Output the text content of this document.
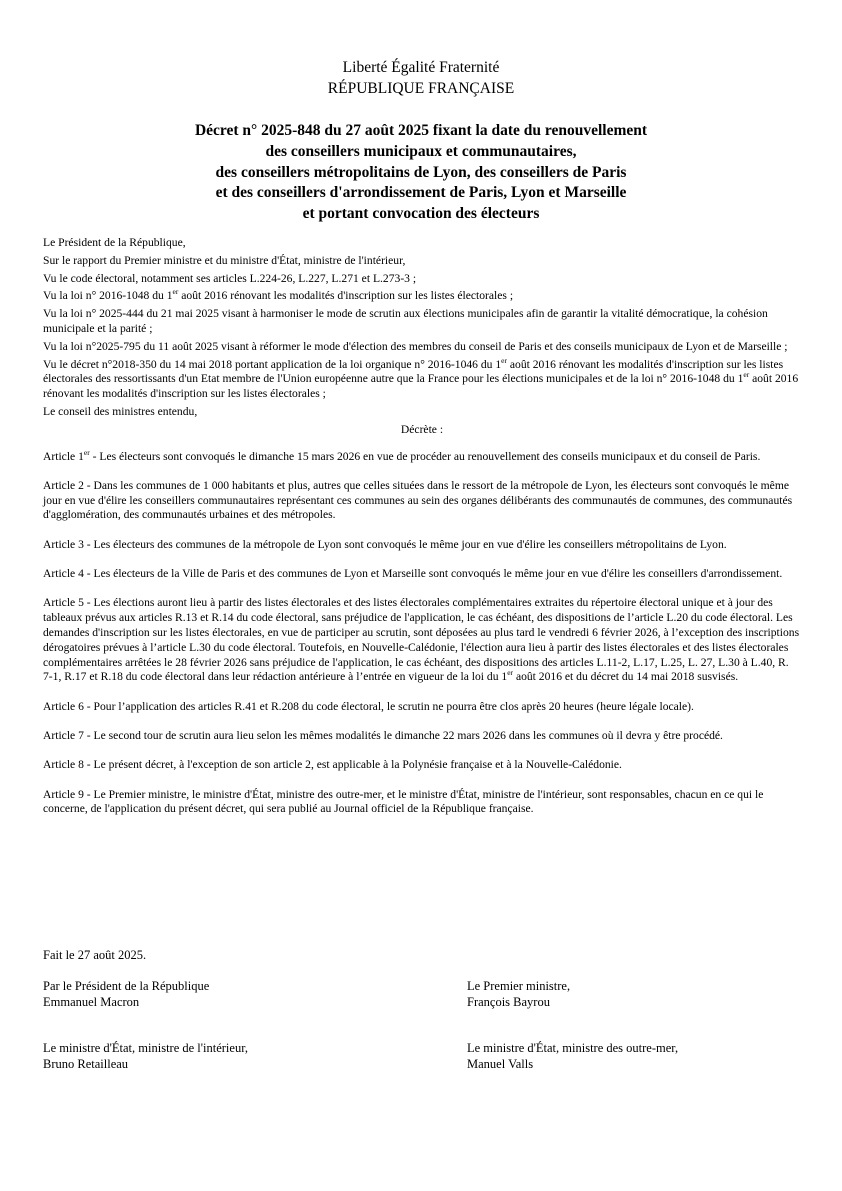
Liberté Égalité Fraternité
RÉPUBLIQUE FRANÇAISE
Décret n° 2025-848 du 27 août 2025 fixant la date du renouvellement
des conseillers municipaux et communautaires,
des conseillers métropolitains de Lyon, des conseillers de Paris
et des conseillers d'arrondissement de Paris, Lyon et Marseille
et portant convocation des électeurs

Le Président de la République,

Sur le rapport du Premier ministre et du ministre d'État, ministre de l'intérieur,

Vu le code électoral, notamment ses articles L.224-26, L.227, L.271 et L.273-3 ;

Vu la loi n° 2016-1048 du 1er août 2016 rénovant les modalités d'inscription sur les listes électorales ;

Vu la loi n° 2025-444 du 21 mai 2025 visant à harmoniser le mode de scrutin aux élections municipales afin de garantir la vitalité démocratique, la cohésion municipale et la parité ;

Vu la loi n°2025-795 du 11 août 2025 visant à réformer le mode d'élection des membres du conseil de Paris et des conseils municipaux de Lyon et de Marseille ;

Vu le décret n°2018-350 du 14 mai 2018 portant application de la loi organique n° 2016-1046 du 1er août 2016 rénovant les modalités d'inscription sur les listes électorales des ressortissants d'un Etat membre de l'Union européenne autre que la France pour les élections municipales et de la loi n° 2016-1048 du 1er août 2016 rénovant les modalités d'inscription sur les listes électorales ;

Le conseil des ministres entendu,

Décrète :

Article 1er - Les électeurs sont convoqués le dimanche 15 mars 2026 en vue de procéder au renouvellement des conseils municipaux et du conseil de Paris.

Article 2 - Dans les communes de 1 000 habitants et plus, autres que celles situées dans le ressort de la métropole de Lyon, les électeurs sont convoqués le même jour en vue d'élire les conseillers communautaires représentant ces communes au sein des organes délibérants des communautés de communes, des communautés d'agglomération, des communautés urbaines et des métropoles.

Article 3 - Les électeurs des communes de la métropole de Lyon sont convoqués le même jour en vue d'élire les conseillers métropolitains de Lyon.

Article 4 - Les électeurs de la Ville de Paris et des communes de Lyon et Marseille sont convoqués le même jour en vue d'élire les conseillers d'arrondissement.

Article 5 - Les élections auront lieu à partir des listes électorales et des listes électorales complémentaires extraites du répertoire électoral unique et à jour des tableaux prévus aux articles R.13 et R.14 du code électoral, sans préjudice de l'application, le cas échéant, des dispositions de l’article L.20 du code électoral. Les demandes d'inscription sur les listes électorales, en vue de participer au scrutin, sont déposées au plus tard le vendredi 6 février 2026, à l’exception des inscriptions dérogatoires prévues à l’article L.30 du code électoral. Toutefois, en Nouvelle-Calédonie, l'élection aura lieu à partir des listes électorales et des listes électorales complémentaires arrêtées le 28 février 2026 sans préjudice de l'application, le cas échéant, des dispositions des articles L.11-2, L.17, L.25, L. 27, L.30 à L.40, R. 7-1, R.17 et R.18 du code électoral dans leur rédaction antérieure à l’entrée en vigueur de la loi du 1er août 2016 et du décret du 14 mai 2018 susvisés.

Article 6 - Pour l’application des articles R.41 et R.208 du code électoral, le scrutin ne pourra être clos après 20 heures (heure légale locale).

Article 7 - Le second tour de scrutin aura lieu selon les mêmes modalités le dimanche 22 mars 2026 dans les communes où il devra y être procédé.

Article 8 - Le présent décret, à l'exception de son article 2, est applicable à la Polynésie française et à la Nouvelle-Calédonie.

Article 9 - Le Premier ministre, le ministre d'État, ministre des outre-mer, et le ministre d'État, ministre de l'intérieur, sont responsables, chacun en ce qui le concerne, de l'application du présent décret, qui sera publié au Journal officiel de la République française.

Fait le 27 août 2025.
Par le Président de la République
Emmanuel Macron
Le Premier ministre,
François Bayrou
Le ministre d'État, ministre de l'intérieur,
Bruno Retailleau
Le ministre d'État, ministre des outre-mer,
Manuel Valls
